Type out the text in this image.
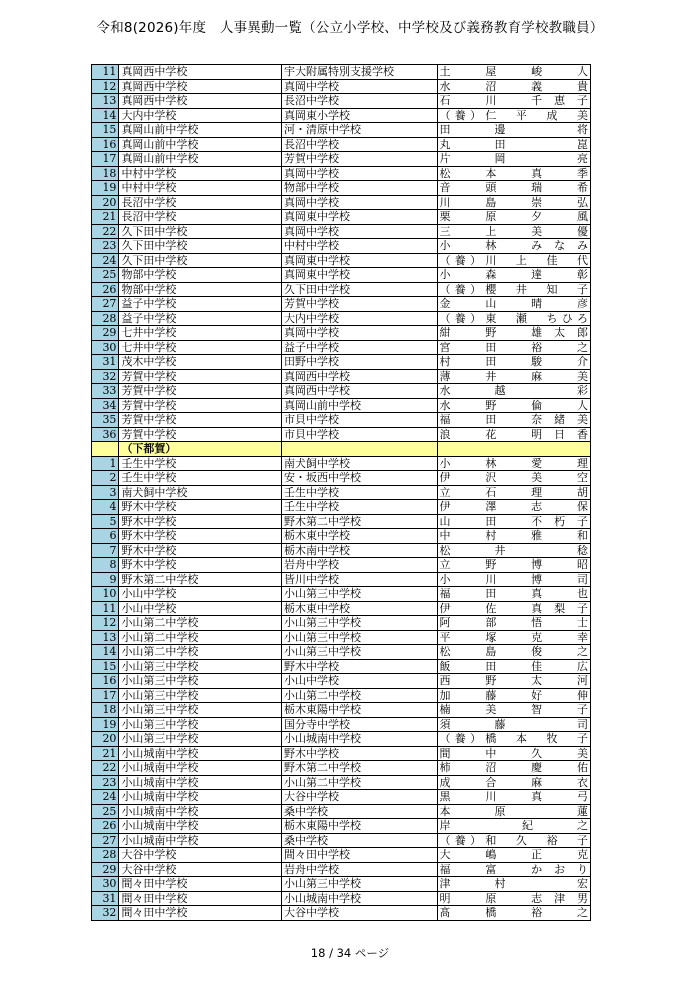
令和8(2026)年度　人事異動一覧（公立小学校、中学校及び義務教育学校教職員）
11	真岡西中学校	宇大附属特別支援学校	土　屋　峻　人
12	真岡西中学校	真岡中学校	水　沼　義　貴
13	真岡西中学校	長沼中学校	石　川　千恵子
14	大内中学校	真岡東小学校	（養）仁　平　成　美
15	真岡山前中学校	河・清原中学校	田　邊　　将
16	真岡山前中学校	長沼中学校	丸　田　　崑
17	真岡山前中学校	芳賀中学校	片　岡　　亮
18	中村中学校	真岡中学校	松　本　真　季
19	中村中学校	物部中学校	音　頭　瑞　希
20	長沼中学校	真岡中学校	川　島　崇　弘
21	長沼中学校	真岡東中学校	栗　原　夕　風
22	久下田中学校	真岡中学校	三　上　美　優
23	久下田中学校	中村中学校	小　林　みなみ
24	久下田中学校	真岡東中学校	（養）川　上　佳　代
25	物部中学校	真岡東中学校	小　森　達　彰
26	物部中学校	久下田中学校	（養）櫻　井　知　子
27	益子中学校	芳賀中学校	金　山　晴　彦
28	益子中学校	大内中学校	（養）東　瀬　ちひろ
29	七井中学校	真岡中学校	紺　野　雄太郎
30	七井中学校	益子中学校	宮　田　裕　之
31	茂木中学校	田野中学校	村　田　駿　介
32	芳賀中学校	真岡西中学校	薄　井　麻　美
33	芳賀中学校	真岡西中学校	水　越　　彩
34	芳賀中学校	真岡山前中学校	水　野　倫　人
35	芳賀中学校	市貝中学校	福　田　奈緒美
36	芳賀中学校	市貝中学校	浪　花　明日香
	（下都賀）		
1	壬生中学校	南犬飼中学校	小　林　愛　理
2	壬生中学校	安・坂西中学校	伊　沢　美　空
3	南犬飼中学校	壬生中学校	立　石　理　胡
4	野木中学校	壬生中学校	伊　澤　志　保
5	野木中学校	野木第二中学校	山　田　不朽子
6	野木中学校	栃木東中学校	中　村　雅　和
7	野木中学校	栃木南中学校	松　井　　稔
8	野木中学校	岩舟中学校	立　野　博　昭
9	野木第二中学校	皆川中学校	小　川　博　司
10	小山中学校	小山第三中学校	福　田　真　也
11	小山中学校	栃木東中学校	伊　佐　真梨子
12	小山第二中学校	小山第三中学校	阿　部　悟　士
13	小山第二中学校	小山第三中学校	平　塚　克　幸
14	小山第二中学校	小山第三中学校	松　島　俊　之
15	小山第三中学校	野木中学校	飯　田　佳　広
16	小山第三中学校	小山中学校	西　野　太　河
17	小山第三中学校	小山第二中学校	加　藤　好　伸
18	小山第三中学校	栃木東陽中学校	楠　美　智　子
19	小山第三中学校	国分寺中学校	須　藤　　司
20	小山第三中学校	小山城南中学校	（養）橋　本　牧　子
21	小山城南中学校	野木中学校	間　中　久　美
22	小山城南中学校	野木第二中学校	柿　沼　慶　佑
23	小山城南中学校	小山第二中学校	成　合　麻　衣
24	小山城南中学校	大谷中学校	黒　川　真　弓
25	小山城南中学校	桑中学校	本　原　　蓮
26	小山城南中学校	栃木東陽中学校	岸　　紀　之
27	小山城南中学校	桑中学校	（養）和　久　裕　子
28	大谷中学校	間々田中学校	大　嶋　正　克
29	大谷中学校	岩舟中学校	福　富　かおり
30	間々田中学校	小山第三中学校	津　村　　宏
31	間々田中学校	小山城南中学校	明　原　志津男
32	間々田中学校	大谷中学校	髙　橋　裕　之
18 / 34 ページ
